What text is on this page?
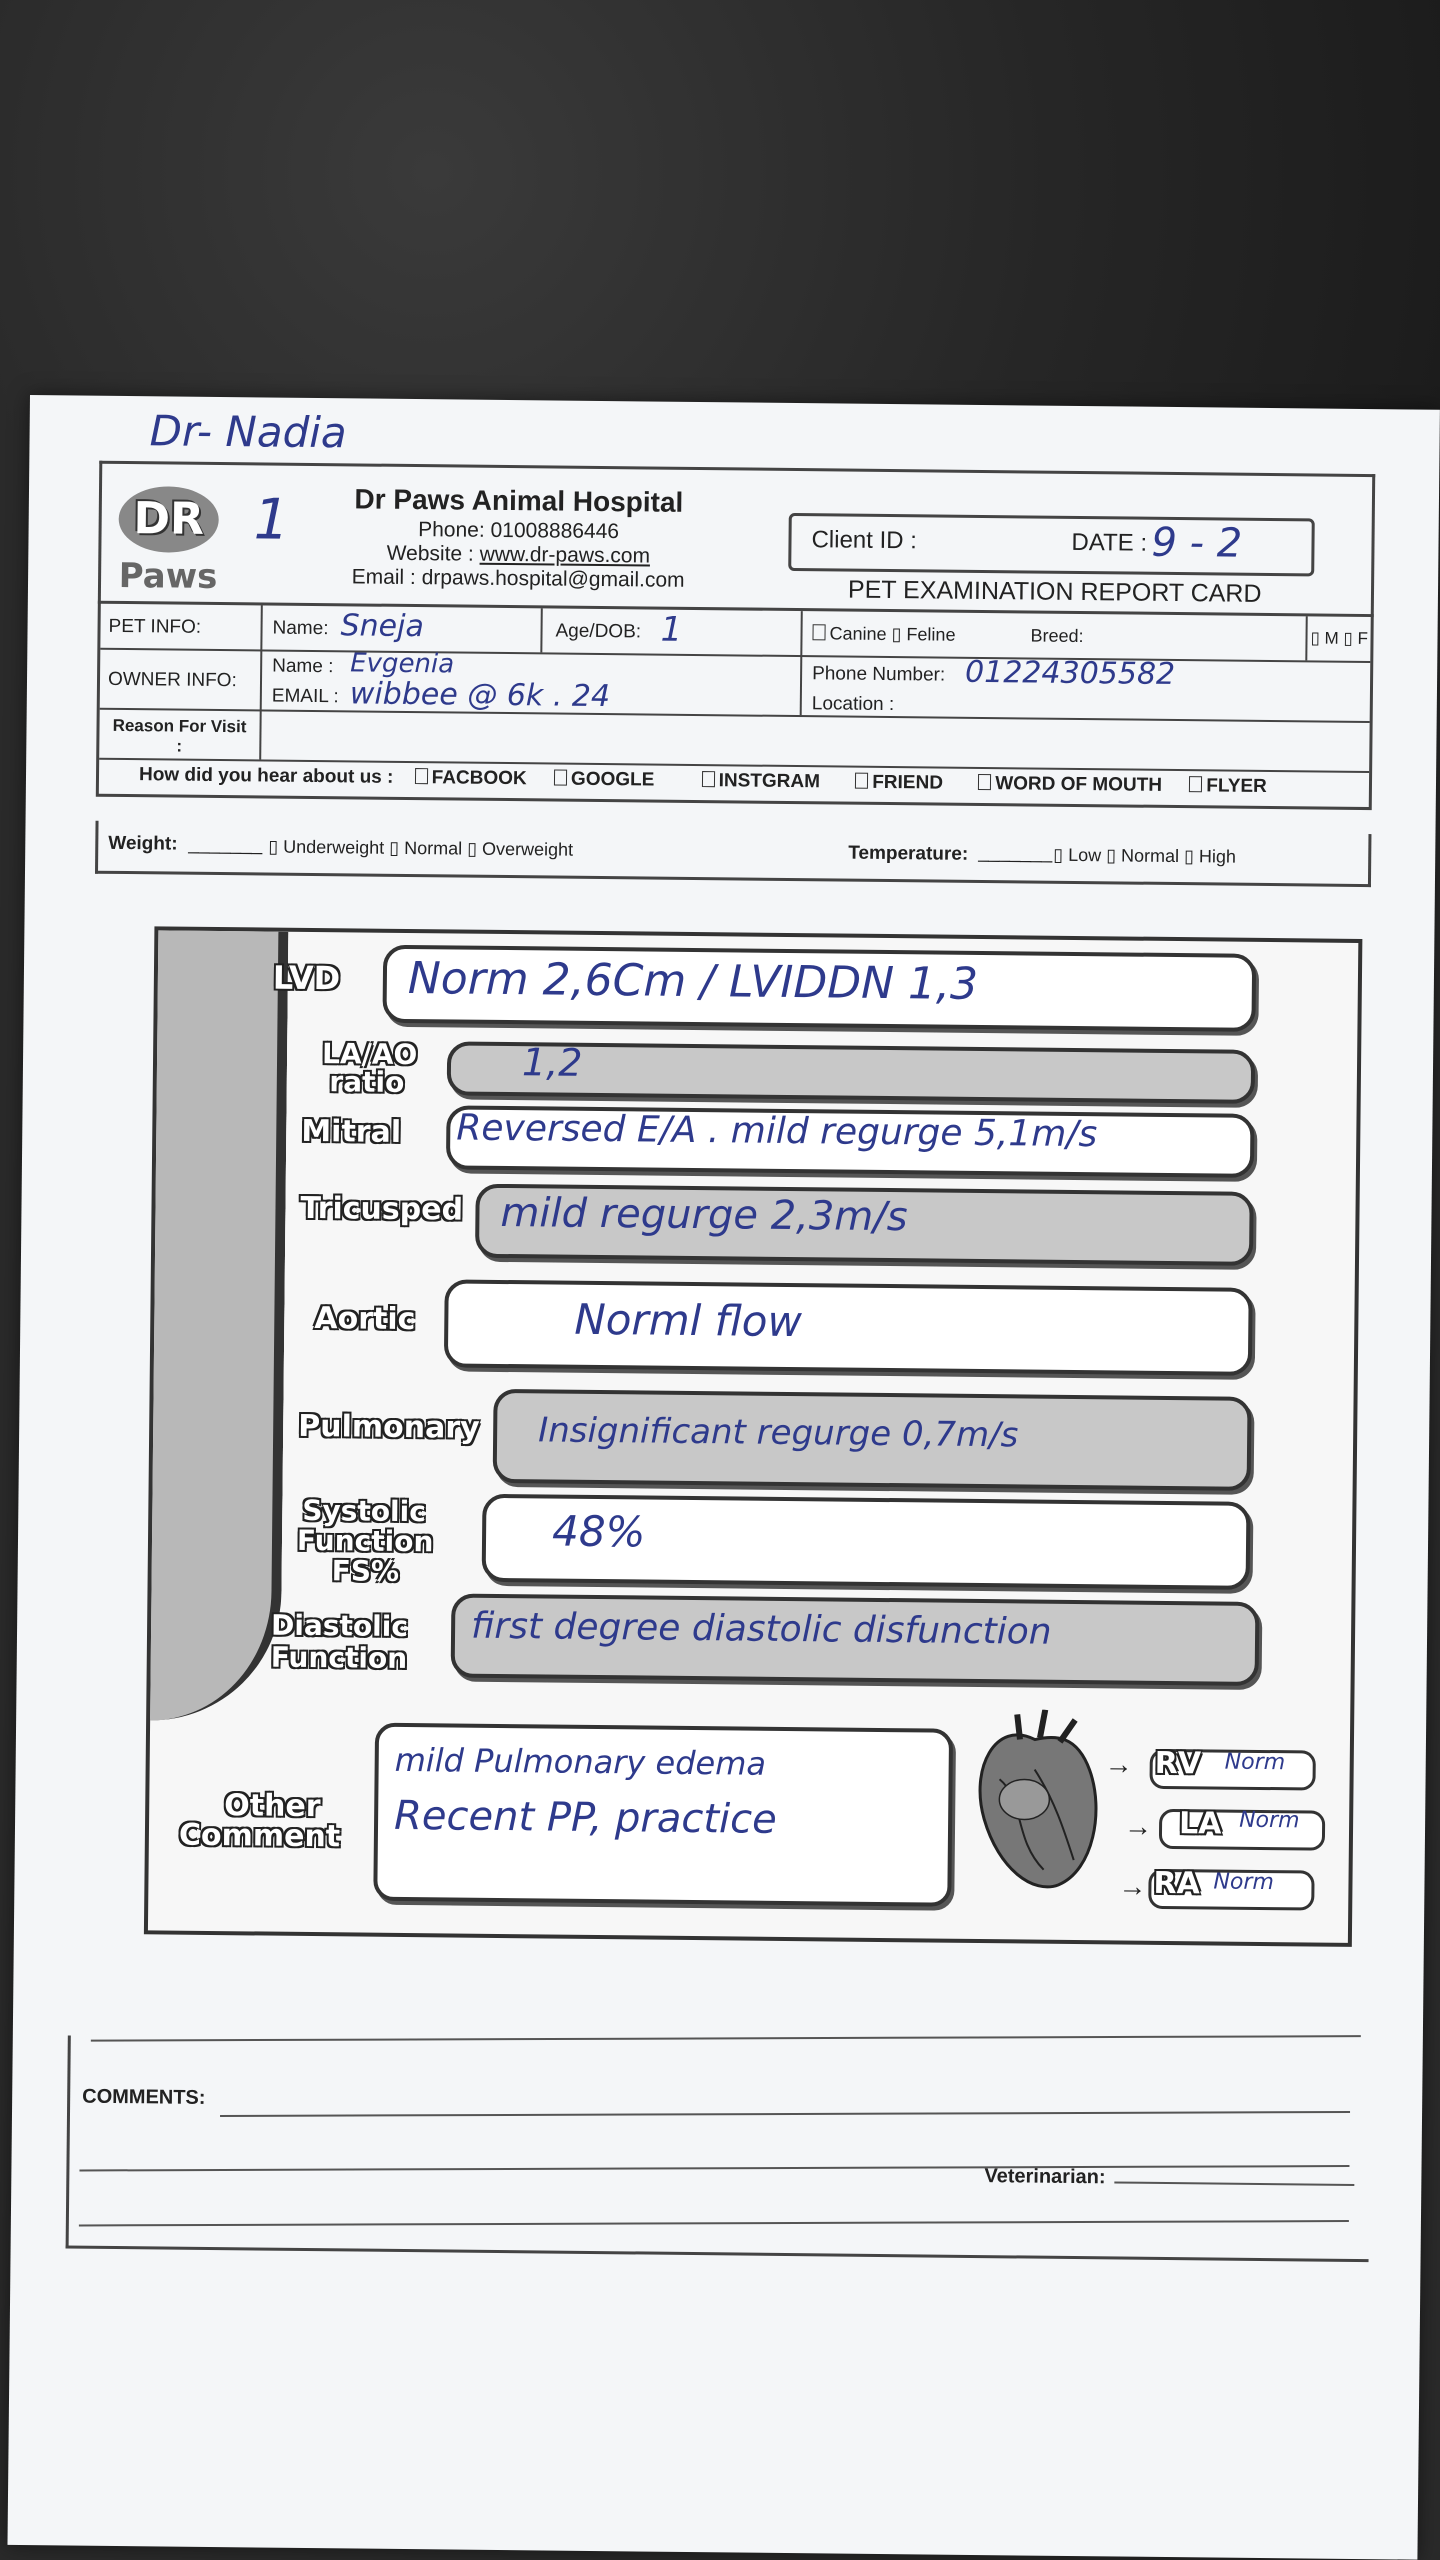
Dr- Nadia
DR
Paws
1	Dr Paws Animal Hospital
Phone: 01008886446
Website : www.dr-paws.com
Email : drpaws.hospital@gmail.com
Client ID :	DATE : 9 - 2
PET EXAMINATION REPORT CARD
PET INFO:	Name: Sneja	Age/DOB: 1	Canine ▯ Feline	Breed:	▯ M ▯ F
OWNER INFO:
Name : Evgenia
EMAIL : wibbee @ 6k . 24
Phone Number: 01224305582
Location :
Reason For Visit :
How did you hear about us : FACBOOK GOOGLE	INSTGRAM	FRIEND	WORD OF MOUTH FLYER
Weight: _______ ▯ Underweight ▯ Normal ▯ Overweight	Temperature: _______ ▯ Low ▯ Normal ▯ High
LVD Norm 2,6Cm / LVIDDN 1,3
LA/AO ratio	1,2
Mitral Reversed E/A . mild regurge 5,1m/s
Tricusped mild regurge 2,3m/s
Aortic	Norml flow
Pulmonary Insignificant regurge 0,7m/s
Systolic
Function
FS%
48%
Diastolic
Function
first degree diastolic disfunction
Other
Comment
mild Pulmonary edema
Recent PP, practice
→
→
→
RV Norm
LA Norm
RA Norm
COMMENTS:
Veterinarian:
